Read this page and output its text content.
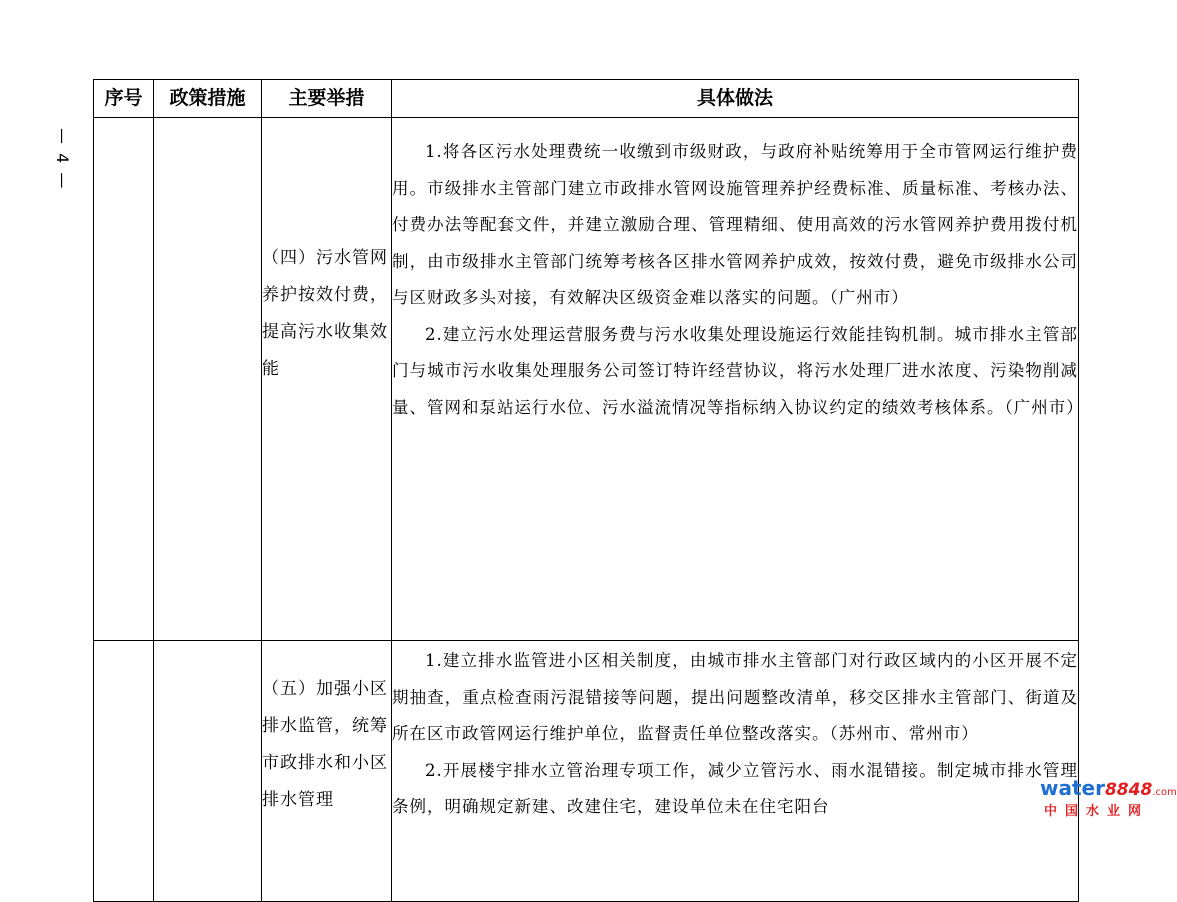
— 4 —
序号	政策措施	主要举措	具体做法
		（四）污水管网养护按效付费，提高污水收集效能	1.将各区污水处理费统一收缴到市级财政，与政府补贴统筹用于全市管网运行维护费用。市级排水主管部门建立市政排水管网设施管理养护经费标准、质量标准、考核办法、付费办法等配套文件，并建立激励合理、管理精细、使用高效的污水管网养护费用拨付机制，由市级排水主管部门统筹考核各区排水管网养护成效，按效付费，避免市级排水公司与区财政多头对接，有效解决区级资金难以落实的问题。（广州市）

2.建立污水处理运营服务费与污水收集处理设施运行效能挂钩机制。城市排水主管部门与城市污水收集处理服务公司签订特许经营协议，将污水处理厂进水浓度、污染物削减量、管网和泵站运行水位、污水溢流情况等指标纳入协议约定的绩效考核体系。（广州市）

		（五）加强小区排水监管，统筹市政排水和小区排水管理	1.建立排水监管进小区相关制度，由城市排水主管部门对行政区域内的小区开展不定期抽查，重点检查雨污混错接等问题，提出问题整改清单，移交区排水主管部门、街道及所在区市政管网运行维护单位，监督责任单位整改落实。（苏州市、常州市）

2.开展楼宇排水立管治理专项工作，减少立管污水、雨水混错接。制定城市排水管理条例，明确规定新建、改建住宅，建设单位未在住宅阳台

water8848.com
中国水业网
